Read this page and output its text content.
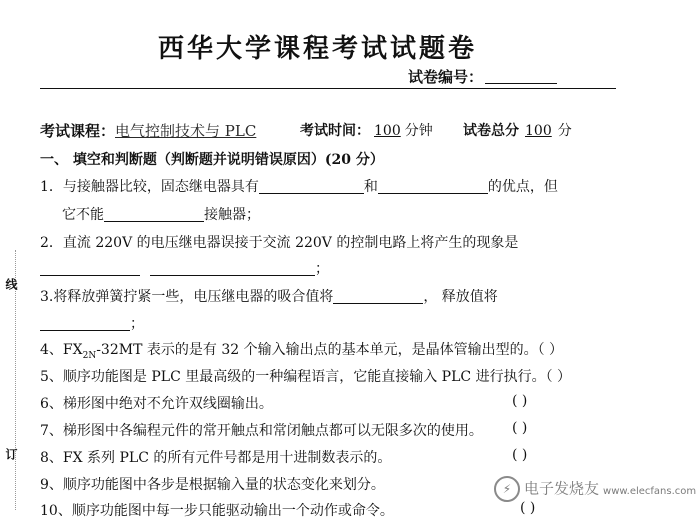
西华大学课程考试试题卷
试卷编号：
考试课程：电气控制技术与 PLC	考试时间： 100 分钟 试卷总分 100 分
一、 填空和判断题（判断题并说明错误原因）(20 分）
1．与接触器比较，固态继电器具有	和	的优点，但
它不能	接触器；
2．直流 220V 的电压继电器误接于交流 220V 的控制电路上将产生的现象是
；
3.将释放弹簧拧紧一些，电压继电器的吸合值将	， 释放值将
；
4、$FX_{2N}-32MT$ 表示的是有 32 个输入输出点的基本单元，是晶体管输出型的。（ ）
5、顺序功能图是 PLC 里最高级的一种编程语言，它能直接输入 PLC 进行执行。（ ）
6、梯形图中绝对不允许双线圈输出。	( )
7、梯形图中各编程元件的常开触点和常闭触点都可以无限多次的使用。 ( )
8、FX 系列 PLC 的所有元件号都是用十进制数表示的。	( )
9、顺序功能图中各步是根据输入量的状态变化来划分。
10、顺序功能图中每一步只能驱动输出一个动作或命令。	( )
线
订
⚡ 电子发烧友 www.elecfans.com
